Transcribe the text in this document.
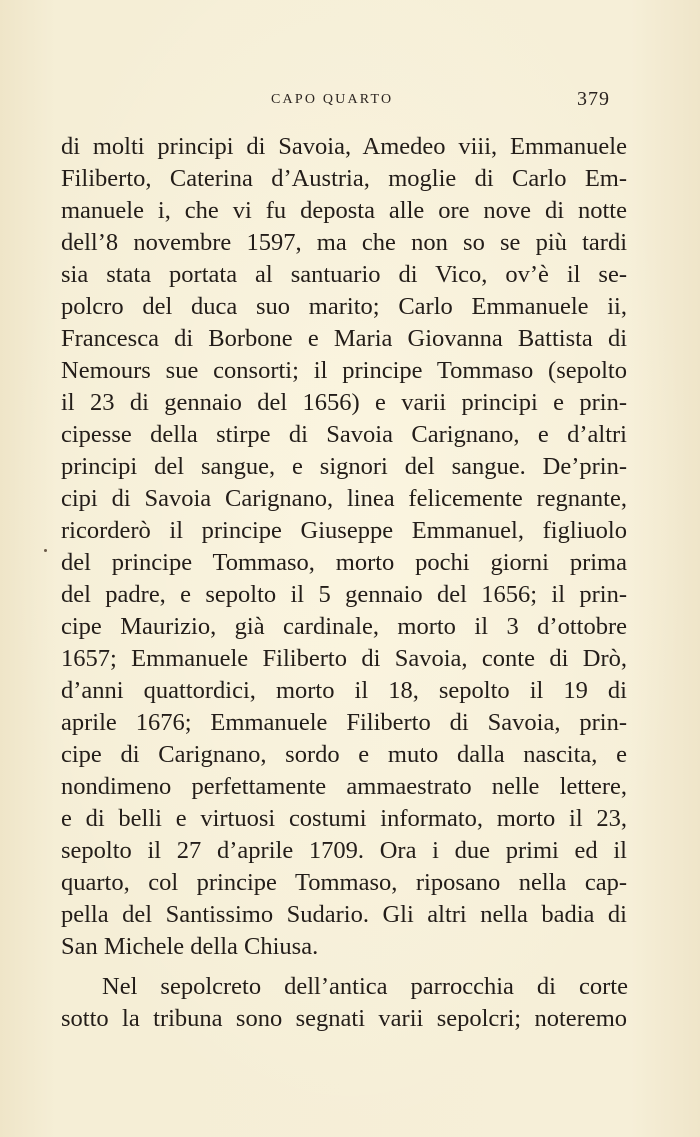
CAPO QUARTO	379
di molti principi di Savoia, Amedeo viii, Emmanuele
Filiberto, Caterina d’Austria, moglie di Carlo Em-
manuele i, che vi fu deposta alle ore nove di notte
dell’8 novembre 1597, ma che non so se più tardi
sia stata portata al santuario di Vico, ov’è il se-
polcro del duca suo marito; Carlo Emmanuele ii,
Francesca di Borbone e Maria Giovanna Battista di
Nemours sue consorti; il principe Tommaso (sepolto
il 23 di gennaio del 1656) e varii principi e prin-
cipesse della stirpe di Savoia Carignano, e d’altri
principi del sangue, e signori del sangue. De’prin-
cipi di Savoia Carignano, linea felicemente regnante,
ricorderò il principe Giuseppe Emmanuel, figliuolo
del principe Tommaso, morto pochi giorni prima
del padre, e sepolto il 5 gennaio del 1656; il prin-
cipe Maurizio, già cardinale, morto il 3 d’ottobre
1657; Emmanuele Filiberto di Savoia, conte di Drò,
d’anni quattordici, morto il 18, sepolto il 19 di
aprile 1676; Emmanuele Filiberto di Savoia, prin-
cipe di Carignano, sordo e muto dalla nascita, e
nondimeno perfettamente ammaestrato nelle lettere,
e di belli e virtuosi costumi informato, morto il 23,
sepolto il 27 d’aprile 1709. Ora i due primi ed il
quarto, col principe Tommaso, riposano nella cap-
pella del Santissimo Sudario. Gli altri nella badia di
San Michele della Chiusa.
Nel sepolcreto dell’antica parrocchia di corte
sotto la tribuna sono segnati varii sepolcri; noteremo
